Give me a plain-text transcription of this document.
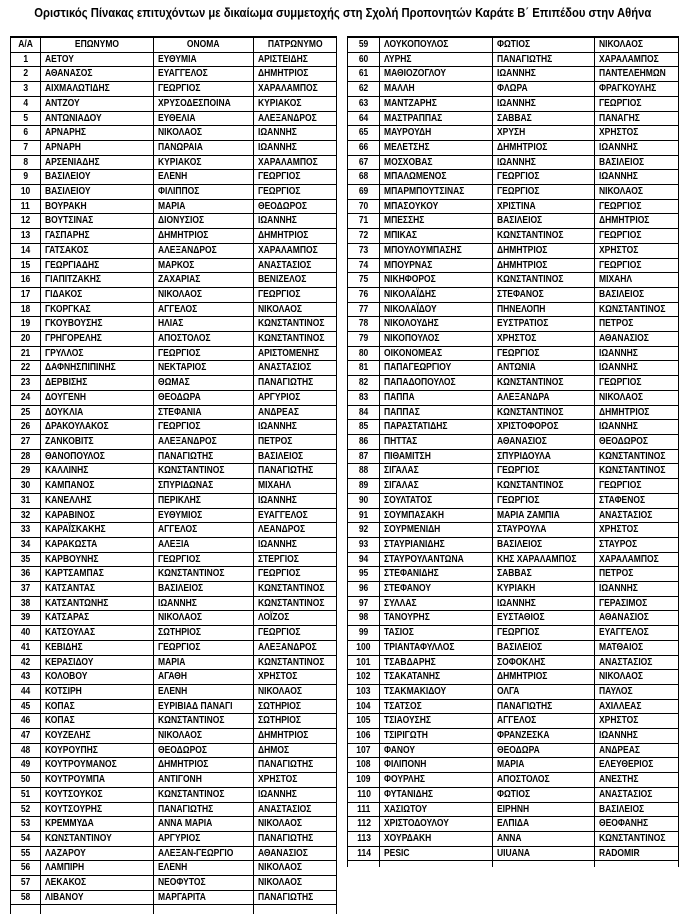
Οριστικός Πίνακας επιτυχόντων με δικαίωμα συμμετοχής στη Σχολή Προπονητών Καράτε Β΄ Επιπέδου στην Αθήνα
Α/Α	ΕΠΩΝΥΜΟ	ΟΝΟΜΑ	ΠΑΤΡΩΝΥΜΟ
1	ΑΕΤΟΥ	ΕΥΘΥΜΙΑ	ΑΡΙΣΤΕΙΔΗΣ
2	ΑΘΑΝΑΣΟΣ	ΕΥΑΓΓΕΛΟΣ	ΔΗΜΗΤΡΙΟΣ
3	ΑΙΧΜΑΛΩΤΙΔΗΣ	ΓΕΩΡΓΙΟΣ	ΧΑΡΑΛΑΜΠΟΣ
4	ΑΝΤΖΟΥ	ΧΡΥΣΟΔΕΣΠΟΙΝΑ	ΚΥΡΙΑΚΟΣ
5	ΑΝΤΩΝΙΑΔΟΥ	ΕΥΘΕΛΙΑ	ΑΛΕΞΑΝΔΡΟΣ
6	ΑΡΝΑΡΗΣ	ΝΙΚΟΛΑΟΣ	ΙΩΑΝΝΗΣ
7	ΑΡΝΑΡΗ	ΠΑΝΩΡΑΙΑ	ΙΩΑΝΝΗΣ
8	ΑΡΣΕΝΙΑΔΗΣ	ΚΥΡΙΑΚΟΣ	ΧΑΡΑΛΑΜΠΟΣ
9	ΒΑΣΙΛΕΙΟΥ	ΕΛΕΝΗ	ΓΕΩΡΓΙΟΣ
10	ΒΑΣΙΛΕΙΟΥ	ΦΙΛΙΠΠΟΣ	ΓΕΩΡΓΙΟΣ
11	ΒΟΥΡΑΚΗ	ΜΑΡΙΑ	ΘΕΟΔΩΡΟΣ
12	ΒΟΥΤΣΙΝΑΣ	ΔΙΟΝΥΣΙΟΣ	ΙΩΑΝΝΗΣ
13	ΓΑΣΠΑΡΗΣ	ΔΗΜΗΤΡΙΟΣ	ΔΗΜΗΤΡΙΟΣ
14	ΓΑΤΣΑΚΟΣ	ΑΛΕΞΑΝΔΡΟΣ	ΧΑΡΑΛΑΜΠΟΣ
15	ΓΕΩΡΓΙΑΔΗΣ	ΜΑΡΚΟΣ	ΑΝΑΣΤΑΣΙΟΣ
16	ΓΙΑΠΙΤΖΑΚΗΣ	ΖΑΧΑΡΙΑΣ	ΒΕΝΙΖΕΛΟΣ
17	ΓΙΔΑΚΟΣ	ΝΙΚΟΛΑΟΣ	ΓΕΩΡΓΙΟΣ
18	ΓΚΟΡΓΚΑΣ	ΑΓΓΕΛΟΣ	ΝΙΚΟΛΑΟΣ
19	ΓΚΟΥΒΟΥΣΗΣ	ΗΛΙΑΣ	ΚΩΝΣΤΑΝΤΙΝΟΣ
20	ΓΡΗΓΟΡΕΛΗΣ	ΑΠΟΣΤΟΛΟΣ	ΚΩΝΣΤΑΝΤΙΝΟΣ
21	ΓΡΥΛΛΟΣ	ΓΕΩΡΓΙΟΣ	ΑΡΙΣΤΟΜΕΝΗΣ
22	ΔΑΦΝΗΣΠΙΠΙΝΗΣ	ΝΕΚΤΑΡΙΟΣ	ΑΝΑΣΤΑΣΙΟΣ
23	ΔΕΡΒΙΣΗΣ	ΘΩΜΑΣ	ΠΑΝΑΓΙΩΤΗΣ
24	ΔΟΥΓΕΝΗ	ΘΕΟΔΩΡΑ	ΑΡΓΥΡΙΟΣ
25	ΔΟΥΚΛΙΑ	ΣΤΕΦΑΝΙΑ	ΑΝΔΡΕΑΣ
26	ΔΡΑΚΟΥΛΑΚΟΣ	ΓΕΩΡΓΙΟΣ	ΙΩΑΝΝΗΣ
27	ΖΑΝΚΟΒΙΤΣ	ΑΛΕΞΑΝΔΡΟΣ	ΠΕΤΡΟΣ
28	ΘΑΝΟΠΟΥΛΟΣ	ΠΑΝΑΓΙΩΤΗΣ	ΒΑΣΙΛΕΙΟΣ
29	ΚΑΛΛΙΝΗΣ	ΚΩΝΣΤΑΝΤΙΝΟΣ	ΠΑΝΑΓΙΩΤΗΣ
30	ΚΑΜΠΑΝΟΣ	ΣΠΥΡΙΔΩΝΑΣ	ΜΙΧΑΗΛ
31	ΚΑΝΕΛΛΗΣ	ΠΕΡΙΚΛΗΣ	ΙΩΑΝΝΗΣ
32	ΚΑΡΑΒΙΝΟΣ	ΕΥΘΥΜΙΟΣ	ΕΥΑΓΓΕΛΟΣ
33	ΚΑΡΑΪΣΚΑΚΗΣ	ΑΓΓΕΛΟΣ	ΛΕΑΝΔΡΟΣ
34	ΚΑΡΑΚΩΣΤΑ	ΑΛΕΞΙΑ	ΙΩΑΝΝΗΣ
35	ΚΑΡΒΟΥΝΗΣ	ΓΕΩΡΓΙΟΣ	ΣΤΕΡΓΙΟΣ
36	ΚΑΡΤΣΑΜΠΑΣ	ΚΩΝΣΤΑΝΤΙΝΟΣ	ΓΕΩΡΓΙΟΣ
37	ΚΑΤΣΑΝΤΑΣ	ΒΑΣΙΛΕΙΟΣ	ΚΩΝΣΤΑΝΤΙΝΟΣ
38	ΚΑΤΣΑΝΤΩΝΗΣ	ΙΩΑΝΝΗΣ	ΚΩΝΣΤΑΝΤΙΝΟΣ
39	ΚΑΤΣΑΡΑΣ	ΝΙΚΟΛΑΟΣ	ΛΟΪΖΟΣ
40	ΚΑΤΣΟΥΛΑΣ	ΣΩΤΗΡΙΟΣ	ΓΕΩΡΓΙΟΣ
41	ΚΕΒΙΔΗΣ	ΓΕΩΡΓΙΟΣ	ΑΛΕΞΑΝΔΡΟΣ
42	ΚΕΡΑΣΙΔΟΥ	ΜΑΡΙΑ	ΚΩΝΣΤΑΝΤΙΝΟΣ
43	ΚΟΛΟΒΟΥ	ΑΓΑΘΗ	ΧΡΗΣΤΟΣ
44	ΚΟΤΣΙΡΗ	ΕΛΕΝΗ	ΝΙΚΟΛΑΟΣ
45	ΚΟΠΑΣ	ΕΥΡΙΒΙΑΔ ΠΑΝΑΓΙ	ΣΩΤΗΡΙΟΣ
46	ΚΟΠΑΣ	ΚΩΝΣΤΑΝΤΙΝΟΣ	ΣΩΤΗΡΙΟΣ
47	ΚΟΥΖΕΛΗΣ	ΝΙΚΟΛΑΟΣ	ΔΗΜΗΤΡΙΟΣ
48	ΚΟΥΡΟΥΠΗΣ	ΘΕΟΔΩΡΟΣ	ΔΗΜΟΣ
49	ΚΟΥΤΡΟΥΜΑΝΟΣ	ΔΗΜΗΤΡΙΟΣ	ΠΑΝΑΓΙΩΤΗΣ
50	ΚΟΥΤΡΟΥΜΠΑ	ΑΝΤΙΓΟΝΗ	ΧΡΗΣΤΟΣ
51	ΚΟΥΤΣΟΥΚΟΣ	ΚΩΝΣΤΑΝΤΙΝΟΣ	ΙΩΑΝΝΗΣ
52	ΚΟΥΤΣΟΥΡΗΣ	ΠΑΝΑΓΙΩΤΗΣ	ΑΝΑΣΤΑΣΙΟΣ
53	ΚΡΕΜΜΥΔΑ	ΑΝΝΑ ΜΑΡΙΑ	ΝΙΚΟΛΑΟΣ
54	ΚΩΝΣΤΑΝΤΙΝΟΥ	ΑΡΓΥΡΙΟΣ	ΠΑΝΑΓΙΩΤΗΣ
55	ΛΑΖΑΡΟΥ	ΑΛΕΞΑΝ-ΓΕΩΡΓΙΟ	ΑΘΑΝΑΣΙΟΣ
56	ΛΑΜΠΙΡΗ	ΕΛΕΝΗ	ΝΙΚΟΛΑΟΣ
57	ΛΕΚΑΚΟΣ	ΝΕΟΦΥΤΟΣ	ΝΙΚΟΛΑΟΣ
58	ΛΙΒΑΝΟΥ	ΜΑΡΓΑΡΙΤΑ	ΠΑΝΑΓΙΩΤΗΣ

59	ΛΟΥΚΟΠΟΥΛΟΣ	ΦΩΤΙΟΣ	ΝΙΚΟΛΑΟΣ
60	ΛΥΡΗΣ	ΠΑΝΑΓΙΩΤΗΣ	ΧΑΡΑΛΑΜΠΟΣ
61	ΜΑΘΙΟΖΟΓΛΟΥ	ΙΩΑΝΝΗΣ	ΠΑΝΤΕΛΕΗΜΩΝ
62	ΜΑΛΛΗ	ΦΛΩΡΑ	ΦΡΑΓΚΟΥΛΗΣ
63	ΜΑΝΤΖΑΡΗΣ	ΙΩΑΝΝΗΣ	ΓΕΩΡΓΙΟΣ
64	ΜΑΣΤΡΑΠΠΑΣ	ΣΑΒΒΑΣ	ΠΑΝΑΓΗΣ
65	ΜΑΥΡΟΥΔΗ	ΧΡΥΣΗ	ΧΡΗΣΤΟΣ
66	ΜΕΛΕΤΣΗΣ	ΔΗΜΗΤΡΙΟΣ	ΙΩΑΝΝΗΣ
67	ΜΟΣΧΟΒΑΣ	ΙΩΑΝΝΗΣ	ΒΑΣΙΛΕΙΟΣ
68	ΜΠΑΛΩΜΕΝΟΣ	ΓΕΩΡΓΙΟΣ	ΙΩΑΝΝΗΣ
69	ΜΠΑΡΜΠΟΥΤΣΙΝΑΣ	ΓΕΩΡΓΙΟΣ	ΝΙΚΟΛΑΟΣ
70	ΜΠΑΣΟΥΚΟΥ	ΧΡΙΣΤΙΝΑ	ΓΕΩΡΓΙΟΣ
71	ΜΠΕΣΣΗΣ	ΒΑΣΙΛΕΙΟΣ	ΔΗΜΗΤΡΙΟΣ
72	ΜΠΙΚΑΣ	ΚΩΝΣΤΑΝΤΙΝΟΣ	ΓΕΩΡΓΙΟΣ
73	ΜΠΟΥΛΟΥΜΠΑΣΗΣ	ΔΗΜΗΤΡΙΟΣ	ΧΡΗΣΤΟΣ
74	ΜΠΟΥΡΝΑΣ	ΔΗΜΗΤΡΙΟΣ	ΓΕΩΡΓΙΟΣ
75	ΝΙΚΗΦΟΡΟΣ	ΚΩΝΣΤΑΝΤΙΝΟΣ	ΜΙΧΑΗΛ
76	ΝΙΚΟΛΑΪΔΗΣ	ΣΤΕΦΑΝΟΣ	ΒΑΣΙΛΕΙΟΣ
77	ΝΙΚΟΛΑΪΔΟΥ	ΠΗΝΕΛΟΠΗ	ΚΩΝΣΤΑΝΤΙΝΟΣ
78	ΝΙΚΟΛΟΥΔΗΣ	ΕΥΣΤΡΑΤΙΟΣ	ΠΕΤΡΟΣ
79	ΝΙΚΟΠΟΥΛΟΣ	ΧΡΗΣΤΟΣ	ΑΘΑΝΑΣΙΟΣ
80	ΟΙΚΟΝΟΜΕΑΣ	ΓΕΩΡΓΙΟΣ	ΙΩΑΝΝΗΣ
81	ΠΑΠΑΓΕΩΡΓΙΟΥ	ΑΝΤΩΝΙΑ	ΙΩΑΝΝΗΣ
82	ΠΑΠΑΔΟΠΟΥΛΟΣ	ΚΩΝΣΤΑΝΤΙΝΟΣ	ΓΕΩΡΓΙΟΣ
83	ΠΑΠΠΑ	ΑΛΕΞΑΝΔΡΑ	ΝΙΚΟΛΑΟΣ
84	ΠΑΠΠΑΣ	ΚΩΝΣΤΑΝΤΙΝΟΣ	ΔΗΜΗΤΡΙΟΣ
85	ΠΑΡΑΣΤΑΤΙΔΗΣ	ΧΡΙΣΤΟΦΟΡΟΣ	ΙΩΑΝΝΗΣ
86	ΠΗΤΤΑΣ	ΑΘΑΝΑΣΙΟΣ	ΘΕΟΔΩΡΟΣ
87	ΠΙΘΑΜΙΤΣΗ	ΣΠΥΡΙΔΟΥΛΑ	ΚΩΝΣΤΑΝΤΙΝΟΣ
88	ΣΙΓΑΛΑΣ	ΓΕΩΡΓΙΟΣ	ΚΩΝΣΤΑΝΤΙΝΟΣ
89	ΣΙΓΑΛΑΣ	ΚΩΝΣΤΑΝΤΙΝΟΣ	ΓΕΩΡΓΙΟΣ
90	ΣΟΥΛΤΑΤΟΣ	ΓΕΩΡΓΙΟΣ	ΣΤΑΦΕΝΟΣ
91	ΣΟΥΜΠΑΣΑΚΗ	ΜΑΡΙΑ ΖΑΜΠΙΑ	ΑΝΑΣΤΑΣΙΟΣ
92	ΣΟΥΡΜΕΝΙΔΗ	ΣΤΑΥΡΟΥΛΑ	ΧΡΗΣΤΟΣ
93	ΣΤΑΥΡΙΑΝΙΔΗΣ	ΒΑΣΙΛΕΙΟΣ	ΣΤΑΥΡΟΣ
94	ΣΤΑΥΡΟΥΛΑΝΤΩΝΑ	ΚΗΣ ΧΑΡΑΛΑΜΠΟΣ	ΧΑΡΑΛΑΜΠΟΣ
95	ΣΤΕΦΑΝΙΔΗΣ	ΣΑΒΒΑΣ	ΠΕΤΡΟΣ
96	ΣΤΕΦΑΝΟΥ	ΚΥΡΙΑΚΗ	ΙΩΑΝΝΗΣ
97	ΣΥΛΛΑΣ	ΙΩΑΝΝΗΣ	ΓΕΡΑΣΙΜΟΣ
98	ΤΑΝΟΥΡΗΣ	ΕΥΣΤΑΘΙΟΣ	ΑΘΑΝΑΣΙΟΣ
99	ΤΑΣΙΟΣ	ΓΕΩΡΓΙΟΣ	ΕΥΑΓΓΕΛΟΣ
100	ΤΡΙΑΝΤΑΦΥΛΛΟΣ	ΒΑΣΙΛΕΙΟΣ	ΜΑΤΘΑΙΟΣ
101	ΤΣΑΒΔΑΡΗΣ	ΣΟΦΟΚΛΗΣ	ΑΝΑΣΤΑΣΙΟΣ
102	ΤΣΑΚΑΤΑΝΗΣ	ΔΗΜΗΤΡΙΟΣ	ΝΙΚΟΛΑΟΣ
103	ΤΣΑΚΜΑΚΙΔΟΥ	ΟΛΓΑ	ΠΑΥΛΟΣ
104	ΤΣΑΤΣΟΣ	ΠΑΝΑΓΙΩΤΗΣ	ΑΧΙΛΛΕΑΣ
105	ΤΣΙΑΟΥΣΗΣ	ΑΓΓΕΛΟΣ	ΧΡΗΣΤΟΣ
106	ΤΣΙΡΙΓΩΤΗ	ΦΡΑΝΖΕΣΚΑ	ΙΩΑΝΝΗΣ
107	ΦΑΝΟΥ	ΘΕΟΔΩΡΑ	ΑΝΔΡΕΑΣ
108	ΦΙΛΙΠΟΝΗ	ΜΑΡΙΑ	ΕΛΕΥΘΕΡΙΟΣ
109	ΦΟΥΡΛΗΣ	ΑΠΟΣΤΟΛΟΣ	ΑΝΕΣΤΗΣ
110	ΦΥΤΑΝΙΔΗΣ	ΦΩΤΙΟΣ	ΑΝΑΣΤΑΣΙΟΣ
111	ΧΑΣΙΩΤΟΥ	ΕΙΡΗΝΗ	ΒΑΣΙΛΕΙΟΣ
112	ΧΡΙΣΤΟΔΟΥΛΟΥ	ΕΛΠΙΔΑ	ΘΕΟΦΑΝΗΣ
113	ΧΟΥΡΔΑΚΗ	ΑΝΝΑ	ΚΩΝΣΤΑΝΤΙΝΟΣ
114	PESIC	UIUANA	RADOMIR
